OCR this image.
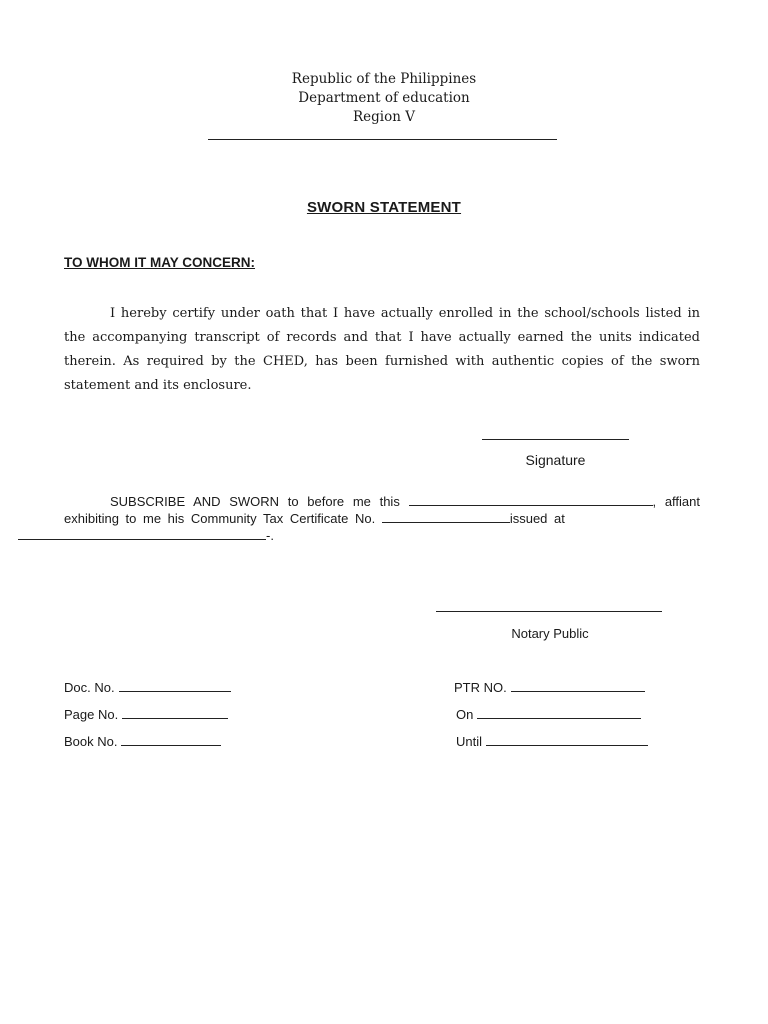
Republic of the Philippines
Department of education
Region V
SWORN STATEMENT
TO WHOM IT MAY CONCERN:

I hereby certify under oath that I have actually enrolled in the school/schools listed in the accompanying transcript of records and that I have actually earned the units indicated therein. As required by the CHED, has been furnished with authentic copies of the sworn statement and its enclosure.

Signature

SUBSCRIBE AND SWORN to before me this	, affiant exhibiting to me his Community Tax Certificate No.	issued at
-.

Notary Public
Doc. No.
Page No.
Book No.
PTR NO.
On
Until
